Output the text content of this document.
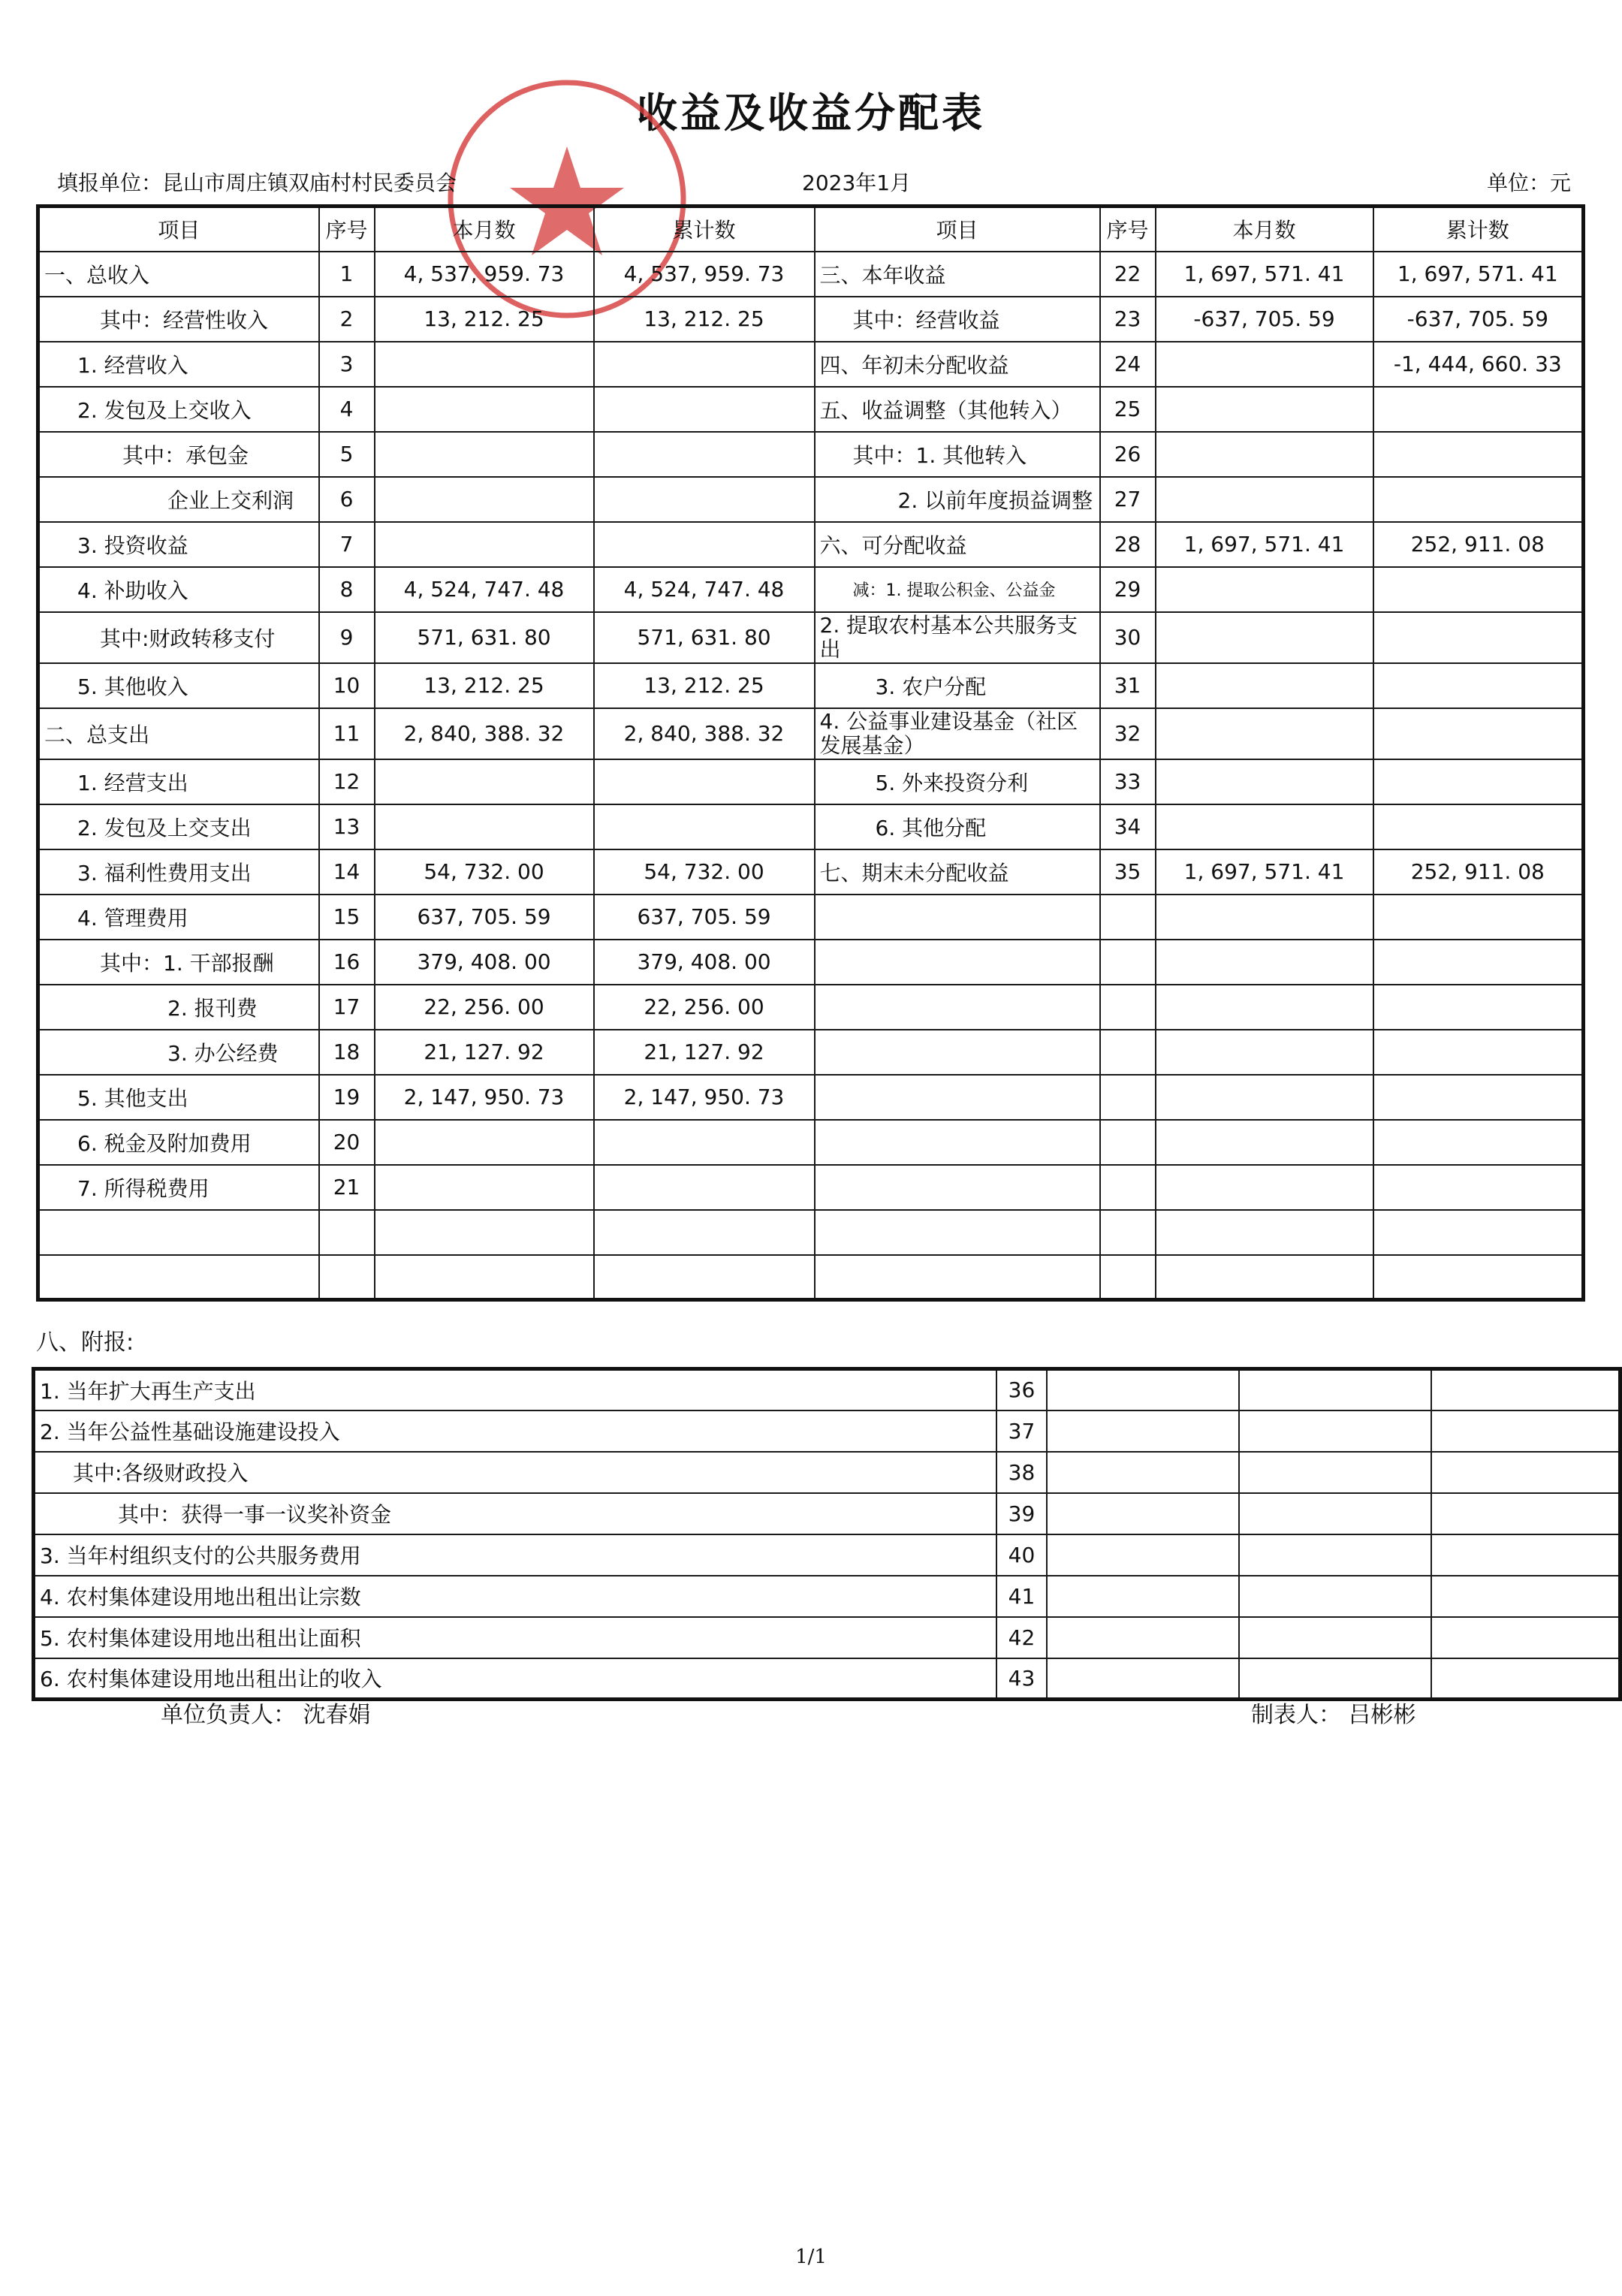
收益及收益分配表
填报单位：昆山市周庄镇双庙村村民委员会	2023年1月	单位：元
项目	序号	本月数	累计数	项目	序号	本月数	累计数
一、总收入	1	4, 537, 959. 73	4, 537, 959. 73	三、本年收益	22	1, 697, 571. 41	1, 697, 571. 41
其中：经营性收入	2	13, 212. 25	13, 212. 25	其中：经营收益	23	-637, 705. 59	-637, 705. 59
1. 经营收入	3			四、年初未分配收益	24		-1, 444, 660. 33
2. 发包及上交收入	4			五、收益调整（其他转入）	25		
其中：承包金	5			其中：1. 其他转入	26		
企业上交利润	6			2. 以前年度损益调整	27		
3. 投资收益	7			六、可分配收益	28	1, 697, 571. 41	252, 911. 08
4. 补助收入	8	4, 524, 747. 48	4, 524, 747. 48	减：1. 提取公积金、公益金	29		
其中:财政转移支付	9	571, 631. 80	571, 631. 80	2. 提取农村基本公共服务支出	30		
5. 其他收入	10	13, 212. 25	13, 212. 25	3. 农户分配	31		
二、总支出	11	2, 840, 388. 32	2, 840, 388. 32	4. 公益事业建设基金（社区发展基金）	32		
1. 经营支出	12			5. 外来投资分利	33		
2. 发包及上交支出	13			6. 其他分配	34		
3. 福利性费用支出	14	54, 732. 00	54, 732. 00	七、期末未分配收益	35	1, 697, 571. 41	252, 911. 08
4. 管理费用	15	637, 705. 59	637, 705. 59				
其中：1. 干部报酬	16	379, 408. 00	379, 408. 00				
2. 报刊费	17	22, 256. 00	22, 256. 00				
3. 办公经费	18	21, 127. 92	21, 127. 92				
5. 其他支出	19	2, 147, 950. 73	2, 147, 950. 73				
6. 税金及附加费用	20						
7. 所得税费用	21						

八、附报:
1. 当年扩大再生产支出	36			
2. 当年公益性基础设施建设投入	37			
其中:各级财政投入	38			
其中：获得一事一议奖补资金	39			
3. 当年村组织支付的公共服务费用	40			
4. 农村集体建设用地出租出让宗数	41			
5. 农村集体建设用地出租出让面积	42			
6. 农村集体建设用地出租出让的收入	43			
单位负责人： 沈春娟	制表人： 吕彬彬
1/1
